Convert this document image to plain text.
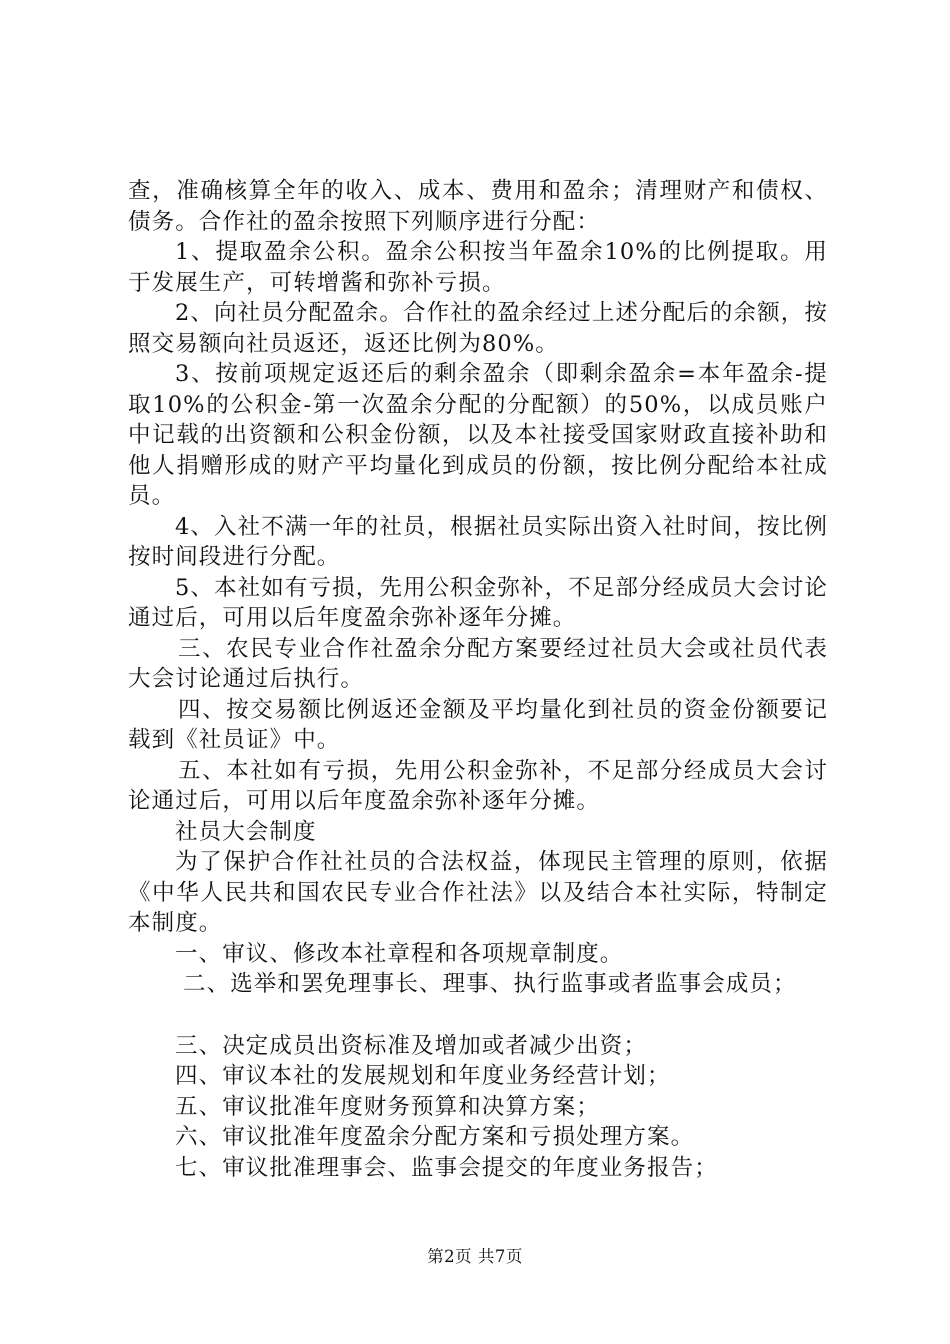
查，准确核算全年的收入、成本、费用和盈余；清理财产和债权、债务。合作社的盈余按照下列顺序进行分配：

1、提取盈余公积。盈余公积按当年盈余10%的比例提取。用于发展生产，可转增酱和弥补亏损。

2、向社员分配盈余。合作社的盈余经过上述分配后的余额，按照交易额向社员返还，返还比例为80%。

3、按前项规定返还后的剩余盈余（即剩余盈余=本年盈余-提取10%的公积金-第一次盈余分配的分配额）的50%，以成员账户中记载的出资额和公积金份额，以及本社接受国家财政直接补助和他人捐赠形成的财产平均量化到成员的份额，按比例分配给本社成员。

4、入社不满一年的社员，根据社员实际出资入社时间，按比例按时间段进行分配。

5、本社如有亏损，先用公积金弥补，不足部分经成员大会讨论通过后，可用以后年度盈余弥补逐年分摊。

三、农民专业合作社盈余分配方案要经过社员大会或社员代表大会讨论通过后执行。

四、按交易额比例返还金额及平均量化到社员的资金份额要记载到《社员证》中。

五、本社如有亏损，先用公积金弥补，不足部分经成员大会讨论通过后，可用以后年度盈余弥补逐年分摊。

社员大会制度

为了保护合作社社员的合法权益，体现民主管理的原则，依据《中华人民共和国农民专业合作社法》以及结合本社实际，特制定本制度。

一、审议、修改本社章程和各项规章制度。

二、选举和罢免理事长、理事、执行监事或者监事会成员；

三、决定成员出资标准及增加或者减少出资；

四、审议本社的发展规划和年度业务经营计划；

五、审议批准年度财务预算和决算方案；

六、审议批准年度盈余分配方案和亏损处理方案。

七、审议批准理事会、监事会提交的年度业务报告；

第2页 共7页
